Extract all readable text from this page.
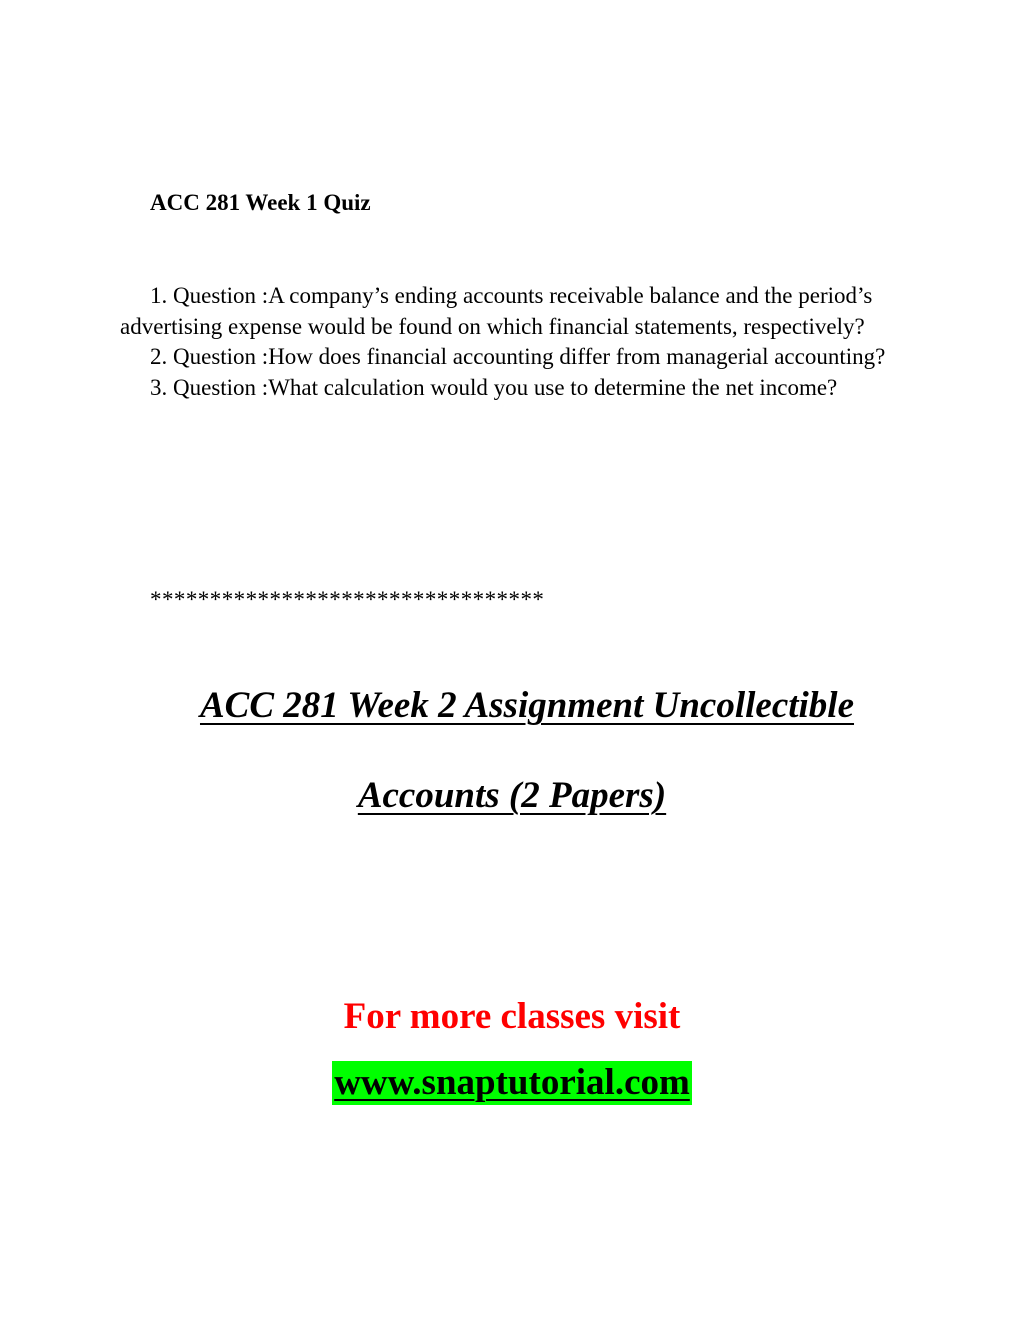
ACC 281 Week 1 Quiz

1. Question :A company’s ending accounts receivable balance and the period’s advertising expense would be found on which financial statements, respectively?
2. Question :How does financial accounting differ from managerial accounting?
3. Question :What calculation would you use to determine the net income?

*********************************

ACC 281 Week 2 Assignment Uncollectible

Accounts (2 Papers)

For more classes visit

www.snaptutorial.com
